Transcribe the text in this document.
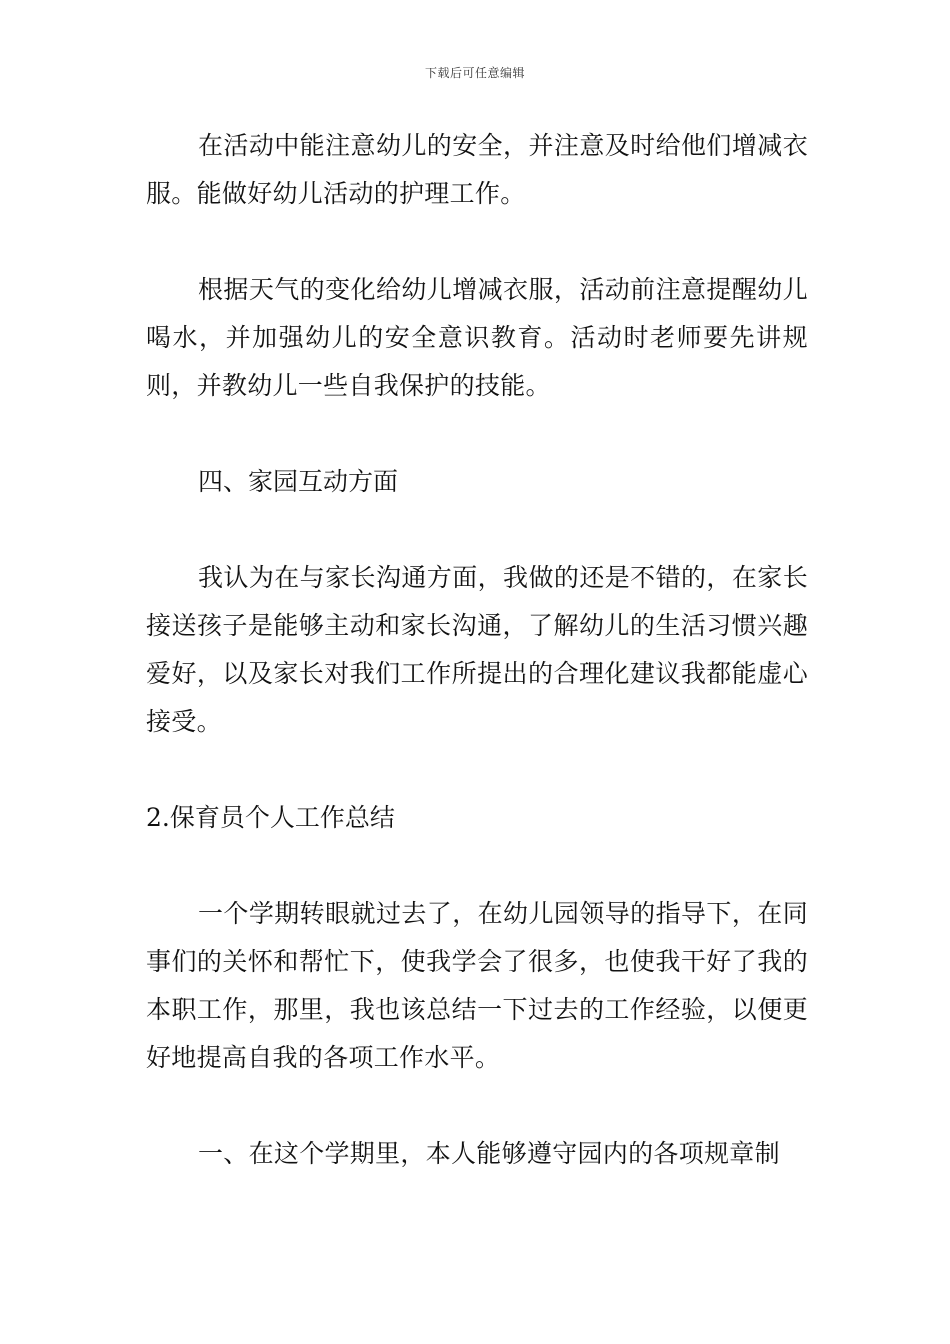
下载后可任意编辑

在活动中能注意幼儿的安全，并注意及时给他们增减衣服。能做好幼儿活动的护理工作。

根据天气的变化给幼儿增减衣服，活动前注意提醒幼儿喝水，并加强幼儿的安全意识教育。活动时老师要先讲规则，并教幼儿一些自我保护的技能。

四、家园互动方面

我认为在与家长沟通方面，我做的还是不错的，在家长接送孩子是能够主动和家长沟通，了解幼儿的生活习惯兴趣爱好，以及家长对我们工作所提出的合理化建议我都能虚心接受。

2.保育员个人工作总结

一个学期转眼就过去了，在幼儿园领导的指导下，在同事们的关怀和帮忙下，使我学会了很多，也使我干好了我的本职工作，那里，我也该总结一下过去的工作经验，以便更好地提高自我的各项工作水平。

一、在这个学期里，本人能够遵守园内的各项规章制
